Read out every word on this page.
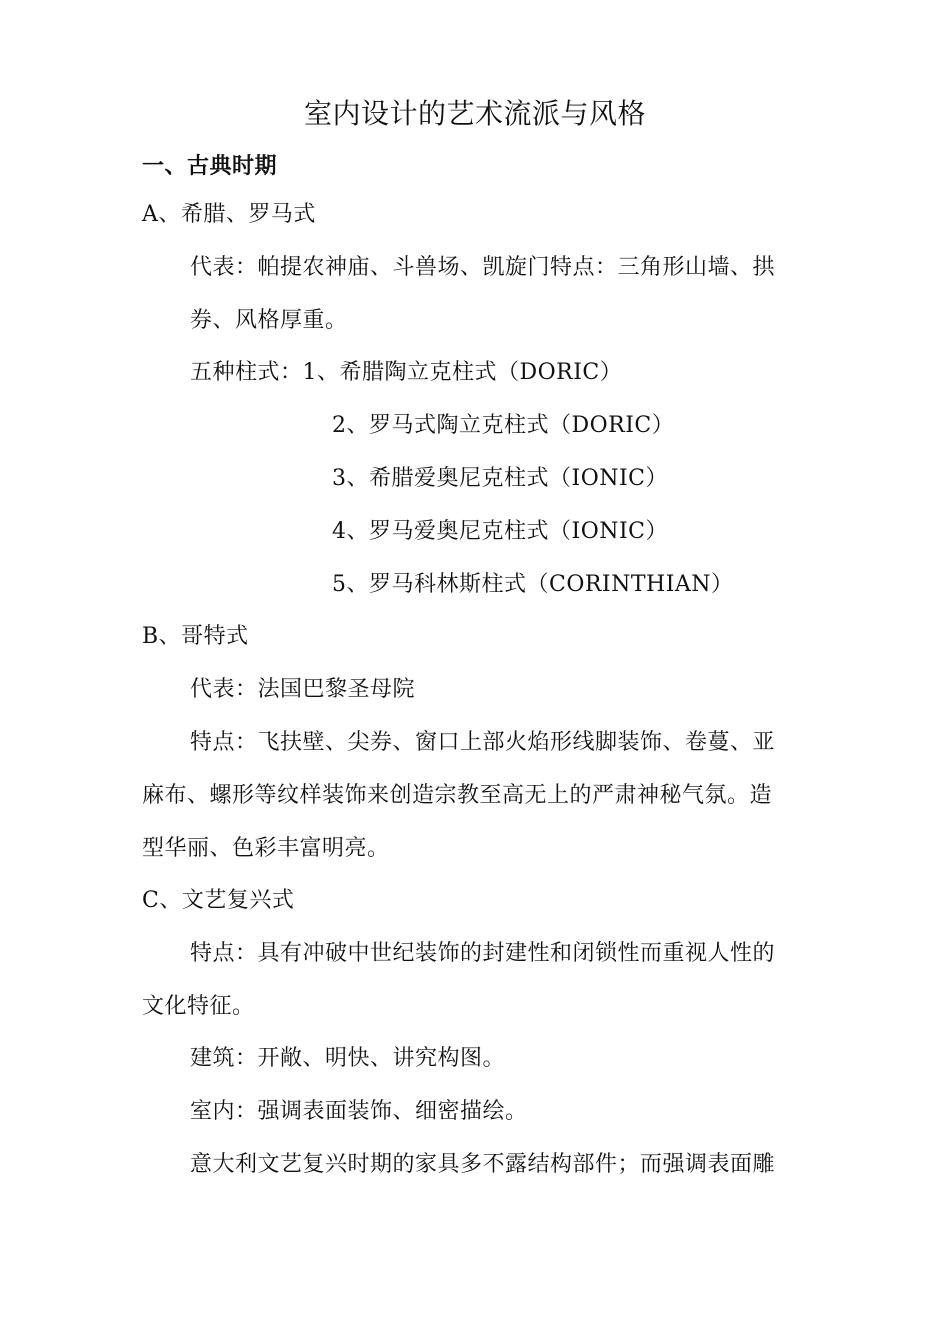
室内设计的艺术流派与风格
一、古典时期
A、希腊、罗马式
代表：帕提农神庙、斗兽场、凯旋门特点：三角形山墙、拱
券、风格厚重。
五种柱式：1、希腊陶立克柱式（DORIC）
2、罗马式陶立克柱式（DORIC）
3、希腊爱奥尼克柱式（IONIC）
4、罗马爱奥尼克柱式（IONIC）
5、罗马科林斯柱式（CORINTHIAN）
B、哥特式
代表：法国巴黎圣母院
特点：飞扶壁、尖券、窗口上部火焰形线脚装饰、卷蔓、亚
麻布、螺形等纹样装饰来创造宗教至高无上的严肃神秘气氛。造
型华丽、色彩丰富明亮。
C、文艺复兴式
特点：具有冲破中世纪装饰的封建性和闭锁性而重视人性的
文化特征。
建筑：开敞、明快、讲究构图。
室内：强调表面装饰、细密描绘。
意大利文艺复兴时期的家具多不露结构部件；而强调表面雕
